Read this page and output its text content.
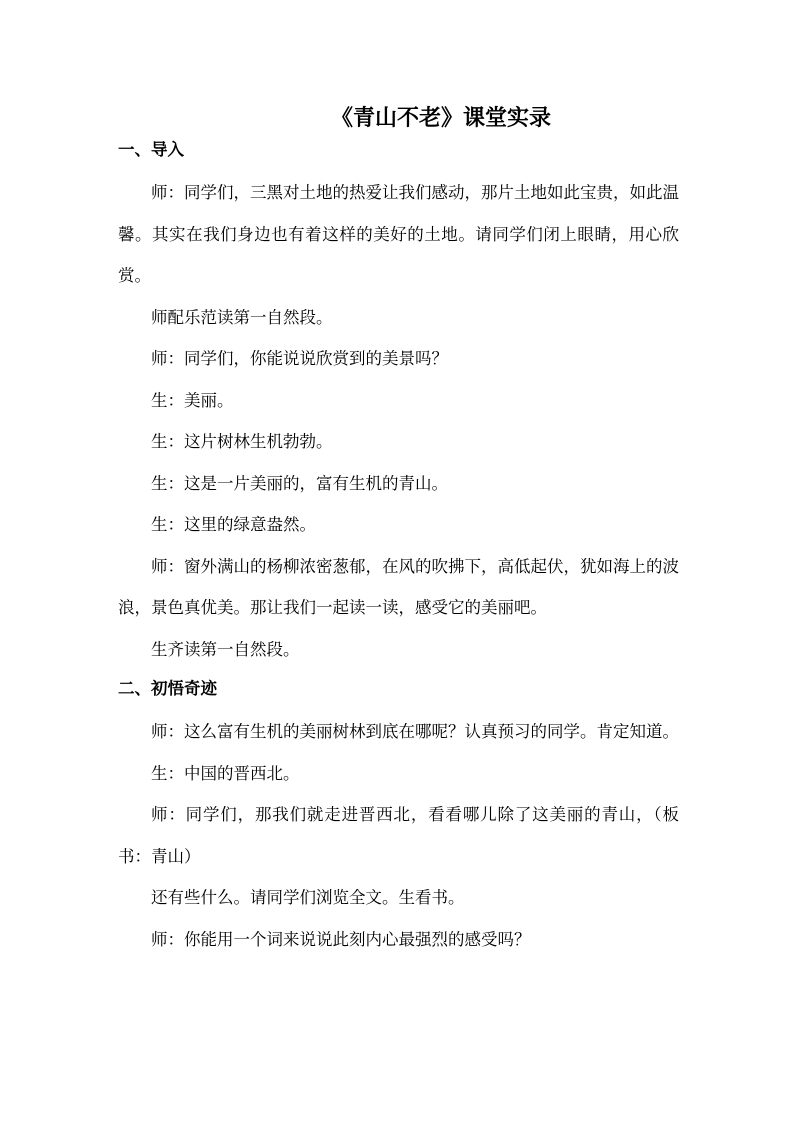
《青山不老》课堂实录
一、导入

师：同学们，三黑对土地的热爱让我们感动，那片土地如此宝贵，如此温馨。其实在我们身边也有着这样的美好的土地。请同学们闭上眼睛，用心欣赏。

师配乐范读第一自然段。

师：同学们，你能说说欣赏到的美景吗？

生：美丽。

生：这片树林生机勃勃。

生：这是一片美丽的，富有生机的青山。

生：这里的绿意盎然。

师：窗外满山的杨柳浓密葱郁，在风的吹拂下，高低起伏，犹如海上的波浪，景色真优美。那让我们一起读一读，感受它的美丽吧。

生齐读第一自然段。

二、初悟奇迹

师：这么富有生机的美丽树林到底在哪呢？认真预习的同学。肯定知道。

生：中国的晋西北。

师：同学们，那我们就走进晋西北，看看哪儿除了这美丽的青山，（板书：青山）

还有些什么。请同学们浏览全文。生看书。

师：你能用一个词来说说此刻内心最强烈的感受吗？
